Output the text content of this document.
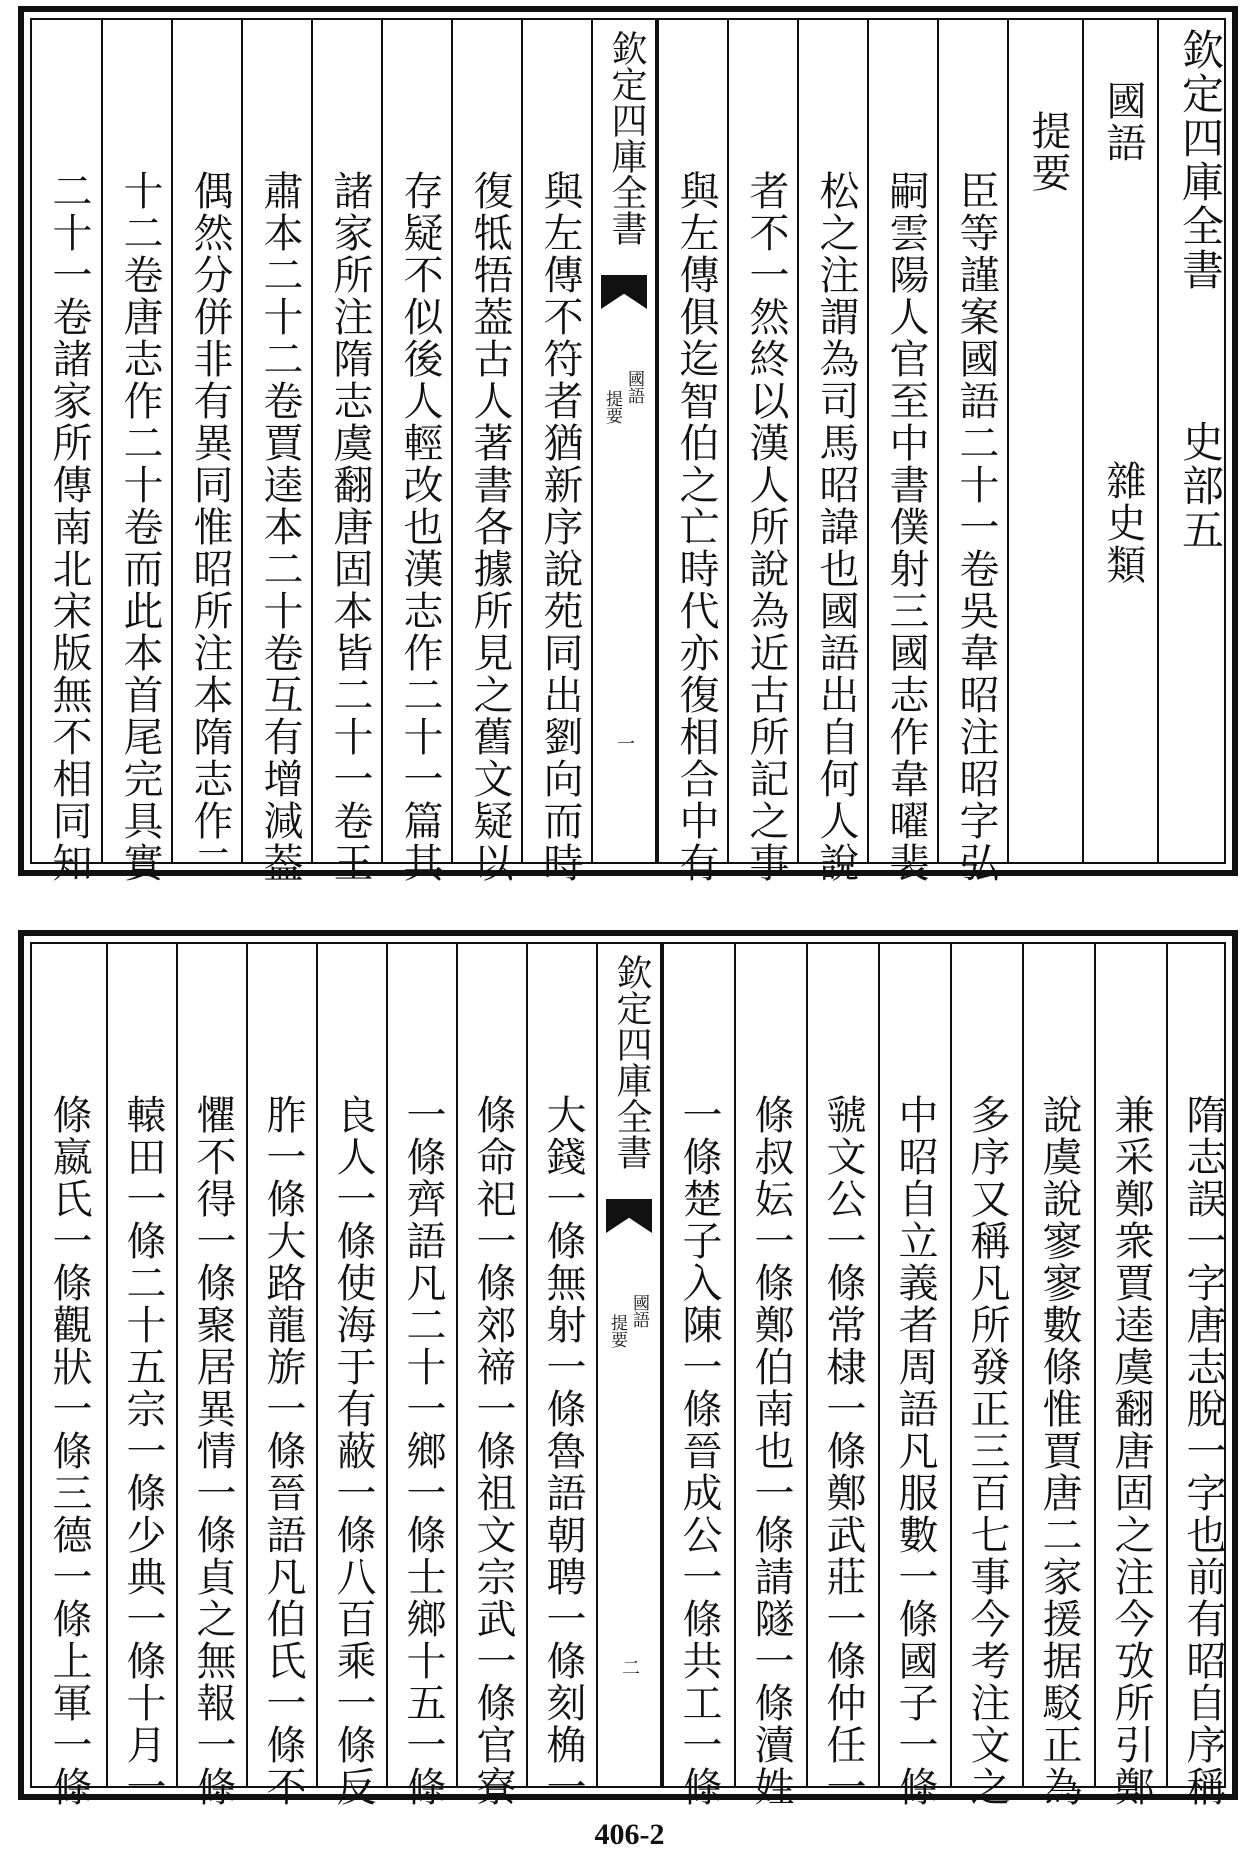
欽定四庫全書
史部五
國語
雜史類
提要
臣等謹案國語二十一卷吳韋昭注昭字弘
嗣雲陽人官至中書僕射三國志作韋曜裴
松之注謂為司馬昭諱也國語出自何人說
者不一然終以漢人所說為近古所記之事
與左傳俱迄智伯之亡時代亦復相合中有
欽定四庫全書
國語
提要
一
與左傳不符者猶新序說苑同出劉向而時
復牴牾葢古人著書各據所見之舊文疑以
存疑不似後人輕改也漢志作二十一篇其
諸家所注隋志虞翻唐固本皆二十一卷王
肅本二十二卷賈逵本二十卷互有增減葢
偶然分併非有異同惟昭所注本隋志作二
十二卷唐志作二十卷而此本首尾完具實
二十一卷諸家所傳南北宋版無不相同知
隋志誤一字唐志脫一字也前有昭自序稱
兼采鄭衆賈逵虞翻唐固之注今攷所引鄭
說虞說寥寥數條惟賈唐二家援据駁正為
多序又稱凡所發正三百七事今考注文之
中昭自立義者周語凡服數一條國子一條
虢文公一條常棣一條鄭武莊一條仲任一
條叔妘一條鄭伯南也一條請隧一條瀆姓
一條楚子入陳一條晉成公一條共工一條
欽定四庫全書
國語
提要
二
大錢一條無射一條魯語朝聘一條刻桷一
條命祀一條郊禘一條祖文宗武一條官寮
一條齊語凡二十一鄉一條士鄉十五一條
良人一條使海于有蔽一條八百乘一條反
胙一條大路龍旂一條晉語凡伯氏一條不
懼不得一條聚居異情一條貞之無報一條
轅田一條二十五宗一條少典一條十月一
條嬴氏一條觀狀一條三德一條上軍一條
406-2
